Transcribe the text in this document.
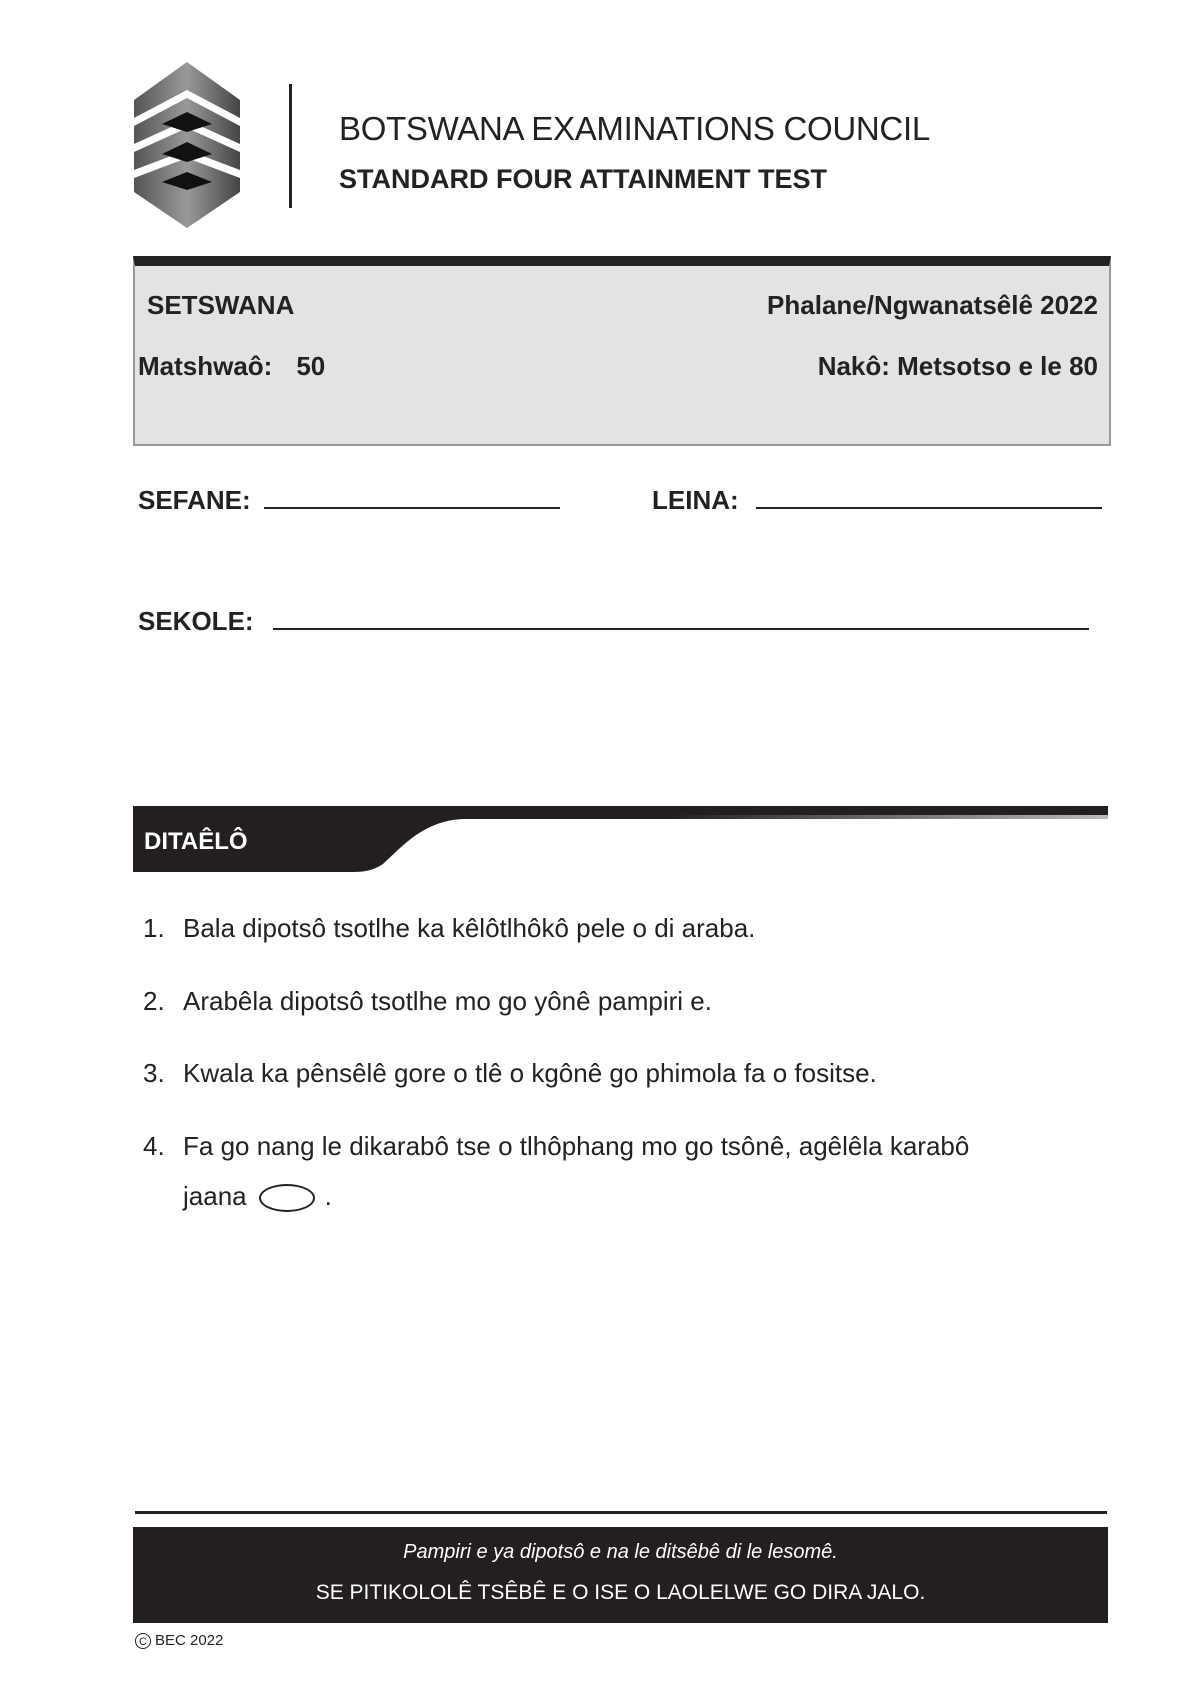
BOTSWANA EXAMINATIONS COUNCIL
STANDARD FOUR ATTAINMENT TEST
SETSWANA	Phalane/Ngwanatsêlê 2022
Matshwaô: 50	Nakô: Metsotso e le 80
SEFANE:	LEINA:
SEKOLE:
DITAÊLÔ
1. Bala dipotsô tsotlhe ka kêlôtlhôkô pele o di araba.
2. Arabêla dipotsô tsotlhe mo go yônê pampiri e.
3. Kwala ka pênsêlê gore o tlê o kgônê go phimola fa o fositse.
4. Fa go nang le dikarabô tse o tlhôphang mo go tsônê, agêlêla karabô
jaana	.
Pampiri e ya dipotsô e na le ditsêbê di le lesomê.
SE PITIKOLOLÊ TSÊBÊ E O ISE O LAOLELWE GO DIRA JALO.
C BEC 2022
